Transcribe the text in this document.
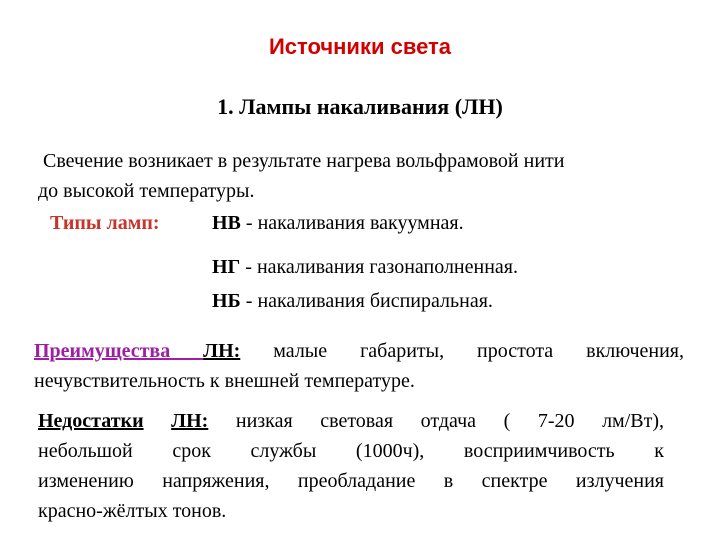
Источники света
1. Лампы накаливания (ЛН)
Свечение возникает в результате нагрева вольфрамовой нити
до высокой температуры.
Типы ламп:	НВ - накаливания вакуумная.
НГ - накаливания газонаполненная.
НБ - накаливания биспиральная.
Преимущества ЛН: малые габариты, простота включения,
нечувствительность к внешней температуре.
Недостатки ЛН: низкая световая отдача ( 7-20 лм/Вт),
небольшой срок службы (1000ч), восприимчивость к
изменению напряжения, преобладание в спектре излучения
красно-жёлтых тонов.
